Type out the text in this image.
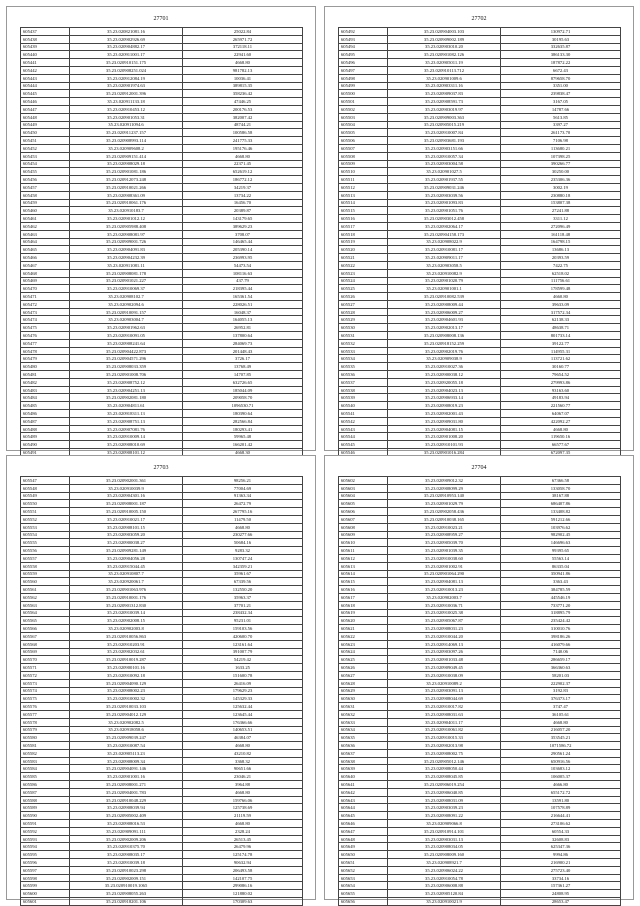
27701
605437	35.23.020821081.16	25022.84
605438	35.23.020902926.69	265971.72
605439	35.23.020904882.17	372118.11
605440	35.23.020911001.17	22941.60
605441	35.23.020910151.175	4668.80
605442	35.23.020908251.024	981782.13
605443	35.23.020912084.19	10036.41
605444	35.23.020901974.63	389815.35
605445	35.23.020912001.396	358236.42
605446	35.23.020911133.18	47446.25
605447	35.23.020910453.12	200176.53
605448	35.23.020901053.31	382007.42
605449	35.23.020911094.6	48744.21
605450	35.23.020911237.157	100586.58
605451	35.23.020908993.114	241775.33
605452	35.23.020909608.2	195176.46
605453	35.23.020909151.414	4668.80
605454	35.23.020908029.18	22371.45
605455	35.23.020901081.186	652619.12
605456	35.23.020912073.248	186772.12
605457	35.23.020910021.266	34219.37
605458	35.23.020908361.09	13734.22
605459	35.23.020910061.176	16456.70
605460	35.23.020910183.7	20389.87
605461	35.23.020901012.12	143179.65
605462	35.23.020905988.408	389629.23
605463	35.23.020908081.97	3708.07
605464	35.23.020909001.726	146465.44
605465	35.23.020904091.83	205390.14
605466	35.23.020904232.39	236993.95
605467	35.23.020911081.11	54473.54
605468	35.23.020908081.178	108116.63
605469	35.23.020901021.227	437.79
605470	35.23.020910069.37	218395.44
605471	35.23.020908102.7	165361.54
605472	35.23.020902094.6	228026.51
605473	35.23.020910091.157	16048.37
605474	35.23.020903004.7	164055.13
605475	35.23.020901962.63	26952.81
605476	35.23.020910091.05	137800.64
605477	35.23.020908241.64	284069.73
605478	35.23.020904422.873	201448.43
605479	35.23.020904571.296	3726.17
605480	35.23.020908033.359	13768.49
605481	35.23.020901008.706	14707.85
605482	35.23.020908752.12	632726.65
605483	35.23.020904251.13	185044.09
605484	35.23.020902081.180	209058.70
605485	35.23.020904811.61	1096530.71
605486	35.23.020918311.13	180390.64
605487	35.23.020908751.13	282566.84
605488	35.23.020907081.76	180293.41
605489	35.23.020910009.14	59965.48
605490	35.23.020908010.69	166201.42
605491	35.23.020908101.12	4668.30
27702
605492	35.23.020904003.103	130972.71
605493	35.23.020909002.189	30195.63
605494	35.23.020903010.20	332635.87
605495	35.23.020901082.126	386133.30
605496	35.23.020905011.19	187872.22
605497	35.23.020910113.712	6672.43
605498	35.23.020901009.6	879658.70
605499	35.23.020903311.16	3351.00
605500	35.23.020909037.83	239838.47
605501	35.23.020908591.73	3167.05
605502	35.23.020903019.97	14787.66
605503	35.23.020909003.363	5613.85
605504	35.23.020905015.219	3397.27
605505	35.23.020910007.84	261173.70
605506	35.23.020903681.193	7106.98
605507	35.23.020903151.66	113680.21
605508	35.23.020910057.34	107398.25
605509	35.23.020903004.58	390266.77
605510	35.23.020901027.5	30250.00
605511	35.23.020901937.55	235306.36
605512	35.23.020909031.246	3002.19
605513	35.23.020903039.56	230880.18
605514	35.23.020901093.83	153807.38
605515	35.23.020901051.76	27241.88
605516	35.23.020903012.458	3311.12
605517	35.23.020902064.17	272096.49
605518	35.23.020904158.173	161118.48
605519	35.23.020908022.9	164798.15
605520	35.23.020910081.17	13686.13
605521	35.23.020909011.17	20393.59
605522	35.23.020903058.5	7422.75
605523	35.23.020910082.9	62518.02
605524	35.23.020901020.79	111756.61
605525	35.23.020901001.1	178599.48
605526	35.23.020910082.539	4660.80
605527	35.23.020908009.44	39633.09
605528	35.23.020906009.27	317572.34
605529	35.23.020904601.93	62138.33
605530	35.23.020902013.17	48638.71
605531	35.23.020908008.136	801733.14
605532	35.23.020918152.259	39122.77
605533	35.23.020902019.76	114955.31
605534	35.23.020909038.9	113721.62
605535	35.23.020910027.36	30160.77
605536	35.23.020900038.12	79654.52
605537	35.23.020920055.18	279993.86
605538	35.23.020904023.13	93163.60
605539	35.23.020906933.14	49183.94
605540	35.23.020908019.23	221560.77
605541	35.23.020902001.43	64067.07
605542	35.23.020909031.80	422092.27
605543	35.23.020904081.15	4668.80
605544	35.23.020901008.20	119650.16
605545	35.23.020910101.93	66577.67
605546	35.23.020901016.284	672097.35
27703
605547	35.23.020902001.361	98256.21
605548	35.23.020910039.9	77004.69
605549	35.23.020904301.16	91363.34
605550	35.23.020908001.187	26472.79
605551	35.23.020910005.150	267795.16
605552	35.23.020910021.17	11479.50
605553	35.23.020908101.15	4668.80
605554	35.23.020903059.20	230277.66
605555	35.23.020900038.27	50684.16
605556	35.23.020909281.149	9283.32
605557	35.23.020904056.28	130747.24
605558	35.23.020915044.45	342359.21
605559	35.23.020910807.7	35961.67
605560	35.23.020920061.7	67339.56
605561	35.23.020901063.976	132550.20
605562	35.23.020910001.176	35963.37
605563	35.23.020901312.830	37701.21
605564	35.23.020910039.14	238432.34
605565	35.23.020902008.15	95231.01
605566	35.23.020902003.8	159103.56
605567	35.23.020910056.863	420600.70
605568	35.23.020910203.91	123161.64
605569	35.23.020902032.61	391007.79
605570	35.23.020910019.287	54219.42
605571	35.23.020900101.16	1633.25
605572	35.23.020910092.18	151600.78
605573	35.23.020904090.129	26416.09
605574	35.23.020908002.23	179629.23
605575	35.23.020910002.32	145329.33
605576	35.23.020910033.103	125632.44
605577	35.23.020904012.129	123645.44
605578	35.23.020902082.5	176366.66
605579	35.23.020918058.6	140653.51
605580	35.23.020909039.247	46384.07
605581	35.23.020910087.54	4668.80
605582	35.23.020905113.23	43210.82
605583	35.23.020908009.34	3368.32
605584	35.23.020904091.146	90651.66
605585	35.23.020901001.16	23046.21
605586	35.23.020908001.271	3964.88
605587	35.23.020904001.783	4668.80
605588	35.23.020910048.229	159766.06
605589	35.23.020908039.94	125738.69
605590	35.23.020905002.409	21119.59
605591	35.23.020908016.53	4668.80
605592	35.23.020909091.111	2328.24
605593	35.23.020902009.206	26513.45
605594	35.23.020910375.70	26479.96
605595	35.23.020908035.17	125174.78
605596	35.23.020910039.18	90632.94
605597	35.23.020910023.298	206493.58
605598	35.23.020902009.151	142107.75
605599	35.23.020910019.1065	299086.16
605600	35.23.020908055.263	121880.02
605601	35.23.020918201.106	170309.63
27704
605602	35.23.020909012.32	67366.58
605603	35.23.020908099.29	133058.70
605604	35.23.020910953.140	38167.88
605605	35.23.020901029.79	686407.86
605606	35.23.020902058.436	133408.82
605607	35.23.020910038.165	591212.66
605608	35.23.020910023.21	103976.62
605609	35.23.020908959.27	982902.45
605610	35.23.020905039.70	146696.63
605611	35.23.020901039.35	99395.65
605612	35.23.020910038.60	55563.14
605613	35.23.020901002.91	86335.04
605614	35.23.020901064.290	350941.86
605615	35.23.020904081.13	3363.43
605616	35.23.020910013.23	384785.59
605617	35.23.020902003.7	445546.19
605618	35.23.020910036.71	733771.20
605619	35.23.020910025.38	318895.79
605620	35.23.020905067.87	235424.42
605621	35.23.020908031.23	310010.76
605622	35.23.020910044.20	398186.26
605623	35.23.020914069.13	416079.66
605624	35.23.020903097.26	7140.06
605625	35.23.020901033.48	286659.17
605626	35.23.020909049.45	366360.63
605627	35.23.020910038.09	58201.03
605628	35.23.020910089.2	222902.37
605629	35.23.020903091.13	3192.83
605630	35.23.020908044.69	376373.17
605631	35.23.020910017.82	3747.47
605632	35.23.020908031.63	36105.61
605633	35.23.020904011.17	4668.80
605634	35.23.020910061.82	216057.20
605635	35.23.020910015.33	353545.21
605636	35.23.020902013.98	1071586.72
605637	35.23.020908002.75	290561.24
605638	35.23.020905012.146	650916.56
605639	35.23.020908050.44	103683.12
605640	35.23.020908045.85	106005.37
605641	35.23.020906019.254	4666.80
605642	35.23.020906040.85	655172.72
605643	35.23.020908031.09	13591.80
605644	35.23.020903039.23	107578.89
605645	35.23.020908091.22	216644.41
605646	35.23.020909066.8	273106.62
605647	35.23.020910914.101	60554.33
605648	35.23.020903031.13	32608.83
605649	35.23.020908034.05	625347.36
605650	35.23.020908009.160	9994.86
605651	35.23.020908921.7	216900.21
605652	35.23.020906024.22	275723.40
605653	35.23.020910054.78	33734.16
605654	35.23.020906008.88	157361.27
605655	35.23.020905120.84	24808.95
605656	35.23.020910021.9	28653.47
